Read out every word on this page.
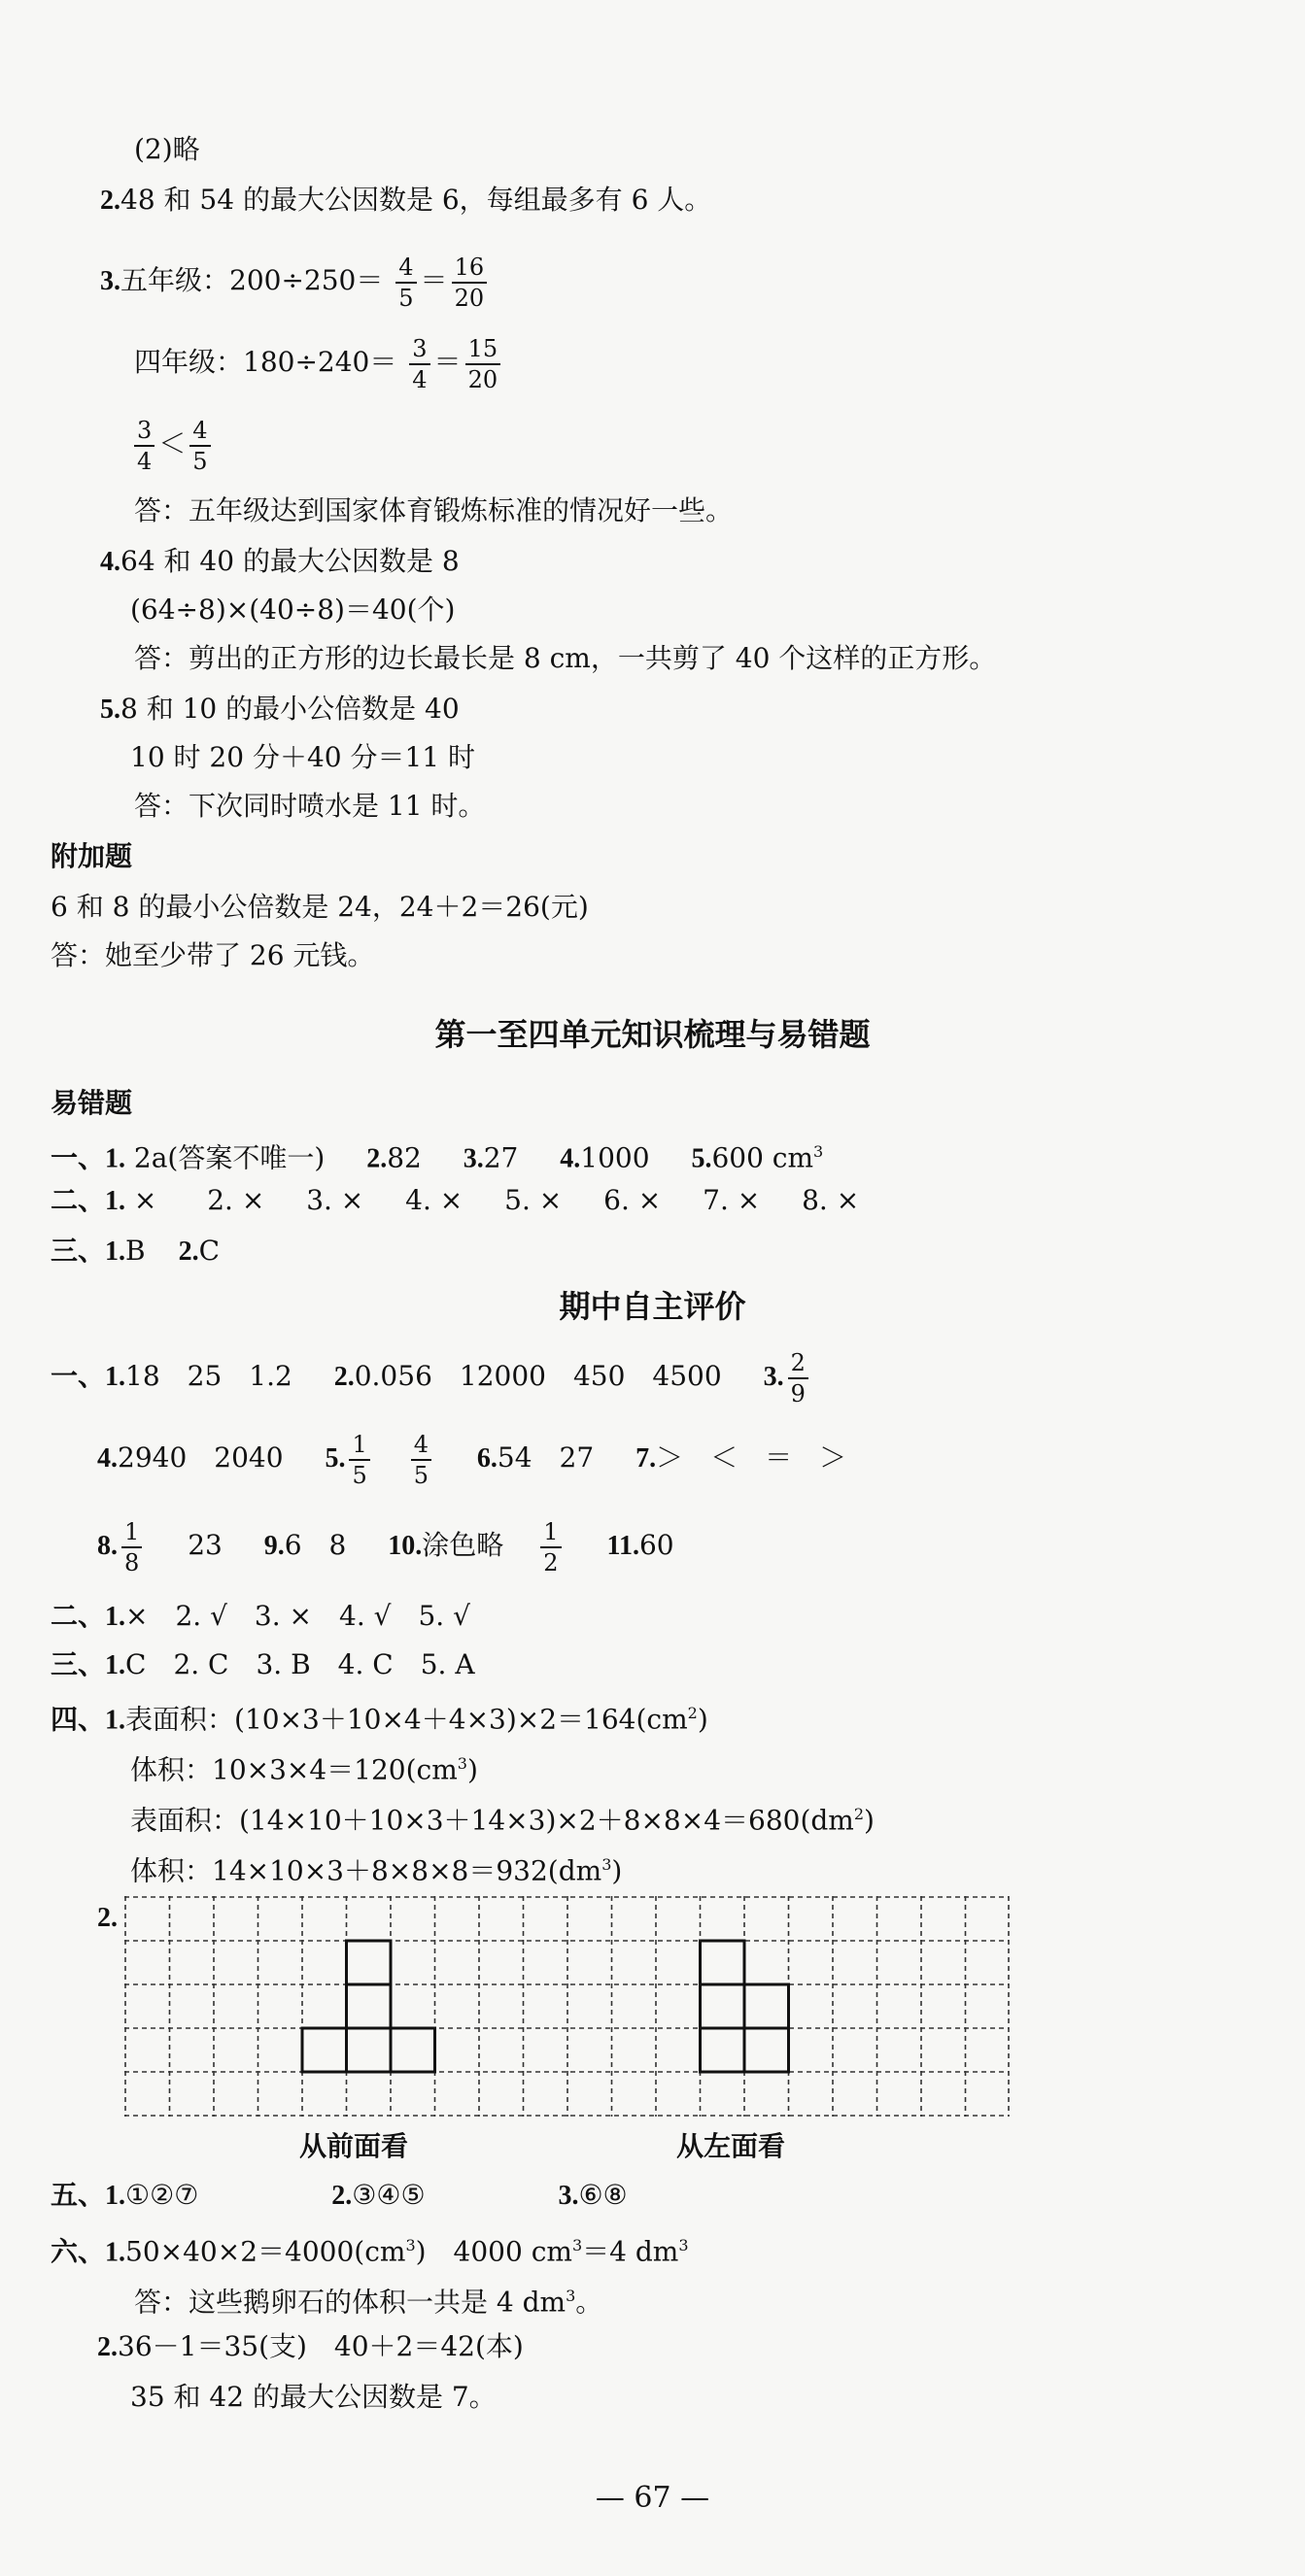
(2)略
2.48 和 54 的最大公因数是 6，每组最多有 6 人。
3.五年级：$200\div 250= \frac{4}{5} = \frac{16}{20}$
四年级：$180\div 240= \frac{3}{4} = \frac{15}{20}$
$\frac{3}{4} < \frac{4}{5}$
答：五年级达到国家体育锻炼标准的情况好一些。
4.64 和 40 的最大公因数是 8
(64÷8)×(40÷8)＝40(个)
答：剪出的正方形的边长最长是 8 cm，一共剪了 40 个这样的正方形。
5.8 和 10 的最小公倍数是 40
10 时 20 分＋40 分＝11 时
答：下次同时喷水是 11 时。
附加题
6 和 8 的最小公倍数是 24，24＋2＝26(元)
答：她至少带了 26 元钱。
第一至四单元知识梳理与易错题
易错题
一、1. 2a(答案不唯一) 2.82 3.27 4.1000 5.600 $cm^3$
二、1. ×  2. × 3. × 4. × 5. × 6. × 7. × 8. ×
三、1.B 2.C
期中自主评价
一、1.18　25　1.2 2.0.056　12000　450　4500 3. $\frac{2}{9}$
4.2940　2040 5. $\frac{1}{5} \frac{4}{5} 6.54$　27 7.＞　＜　＝　＞
8. $\frac{1}{8} 23$ 9.6　8 10.涂色略 $\frac{1}{2} 11.60$
二、1.×　2. √　3. ×　4. √　5. √
三、1.C　2. C　3. B　4. C　5. A
四、1.表面积：$(10\times 3+10\times 4+4\times 3)\times 2=164(cm^2)$
体积：$10\times 3\times 4=120(cm^3)$
表面积：$(14\times 10+10\times 3+14\times 3)\times 2+8\times 8\times 4=680(dm^2)$
体积：$14\times 10\times 3+8\times 8\times 8=932(dm^3)$
2.
从前面看	从左面看
五、1.①②⑦	2.③④⑤	3.⑥⑧
六、$1.50\times 40\times 2=4000(cm^3)$　4000 $cm^3=4$ $dm^3$
答：这些鹅卵石的体积一共是 4 $dm^3$。
2.36－1＝35(支)　40＋2＝42(本)
35 和 42 的最大公因数是 7。
— 67 —
